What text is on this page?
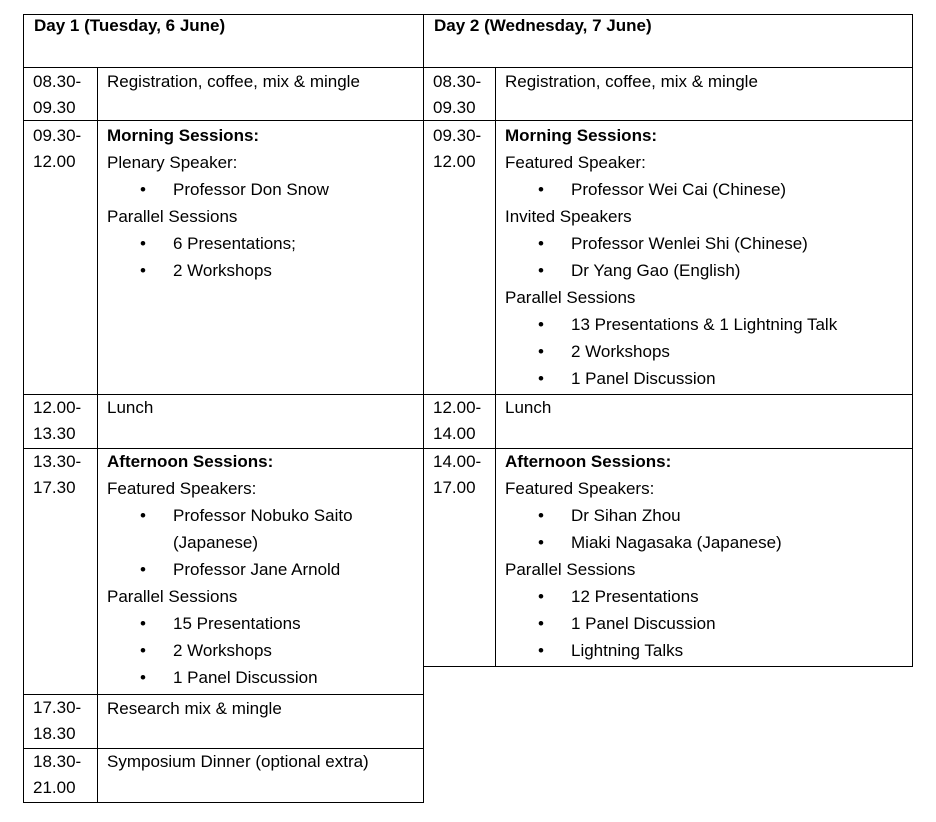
Day 1 (Tuesday, 6 June)	Day 2 (Wednesday, 7 June)
08.30-
09.30
Registration, coffee, mix & mingle
09.30-
12.00
Morning Sessions:
Plenary Speaker:
• Professor Don Snow
Parallel Sessions
• 6 Presentations;
• 2 Workshops
12.00-
13.30
Lunch
13.30-
17.30
Afternoon Sessions:
Featured Speakers:
• Professor Nobuko Saito
(Japanese)
• Professor Jane Arnold
Parallel Sessions
• 15 Presentations
• 2 Workshops
• 1 Panel Discussion
17.30-
18.30
Research mix & mingle
18.30-
21.00
Symposium Dinner (optional extra)
08.30-
09.30
Registration, coffee, mix & mingle
09.30-
12.00
Morning Sessions:
Featured Speaker:
• Professor Wei Cai (Chinese)
Invited Speakers
• Professor Wenlei Shi (Chinese)
• Dr Yang Gao (English)
Parallel Sessions
• 13 Presentations & 1 Lightning Talk
• 2 Workshops
• 1 Panel Discussion
12.00-
14.00
Lunch
14.00-
17.00
Afternoon Sessions:
Featured Speakers:
• Dr Sihan Zhou
• Miaki Nagasaka (Japanese)
Parallel Sessions
• 12 Presentations
• 1 Panel Discussion
• Lightning Talks
